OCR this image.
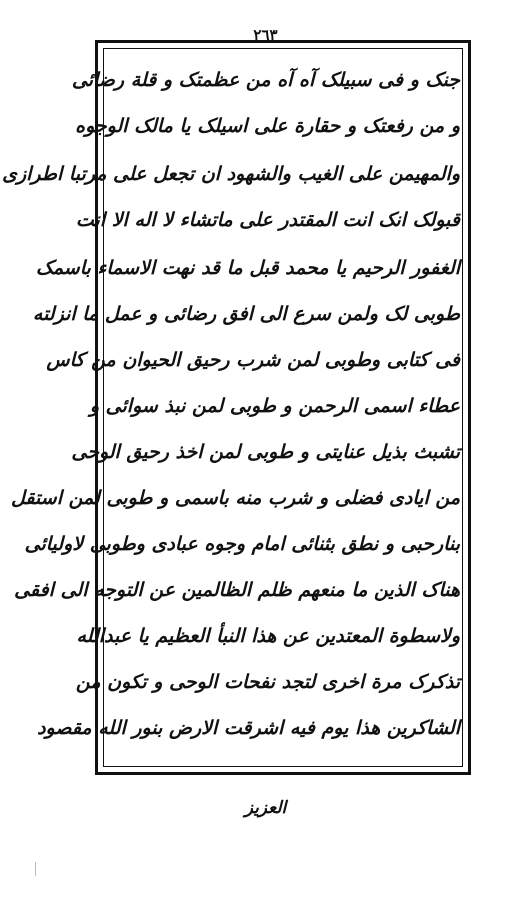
٢٦٣
جنک و فی سبیلک آه آه من عظمتک و قلة رضائی
و من رفعتک و حقارة علی اسیلک یا مالک الوجوه
والمهیمن علی الغیب والشهود ان تجعل علی مرتبا اطرازی
قبولک انک انت المقتدر علی ماتشاء لا اله الا انت
الغفور الرحیم یا محمد قبل ما قد نهت الاسماء باسمک
طوبی لک ولمن سرع الی افق رضائی و عمل ما انزلته
فی کتابی وطوبی لمن شرب رحیق الحیوان من کاس
عطاء اسمی الرحمن و طوبی لمن نبذ سوائی و
تشبث بذیل عنایتی و طوبی لمن اخذ رحیق الوحی
من ایادی فضلی و شرب منه باسمی و طوبی لمن استقل
بنارحبی و نطق بثنائی امام وجوه عبادی وطوبی لاولیائی
هناک الذین ما منعهم ظلم الظالمین عن التوجه الی افقی
ولاسطوة المعتدین عن هذا النبأ العظیم یا عبدالله
تذکرک مرة اخری لتجد نفحات الوحی و تکون من
الشاکرین هذا یوم فیه اشرقت الارض بنور الله مقصود
العزیز
